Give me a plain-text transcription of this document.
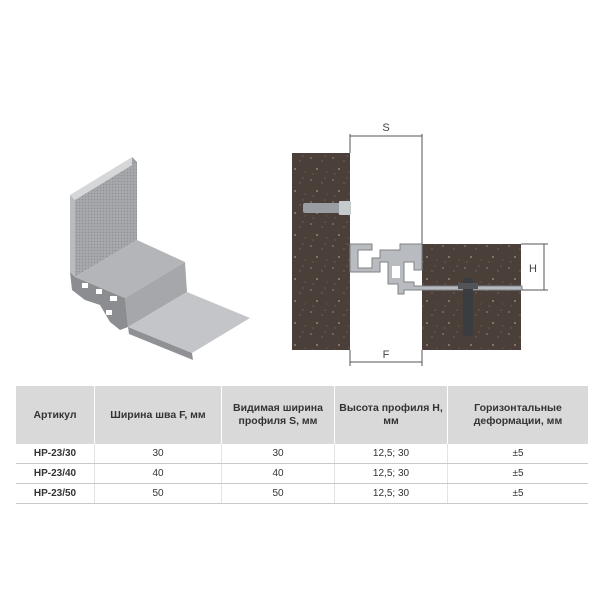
S
F
H
Артикул	Ширина шва F, мм	Видимая ширина профиля S, мм	Высота профиля H, мм	Горизонтальные деформации, мм
HP-23/30	30	30	12,5; 30	±5
HP-23/40	40	40	12,5; 30	±5
HP-23/50	50	50	12,5; 30	±5
